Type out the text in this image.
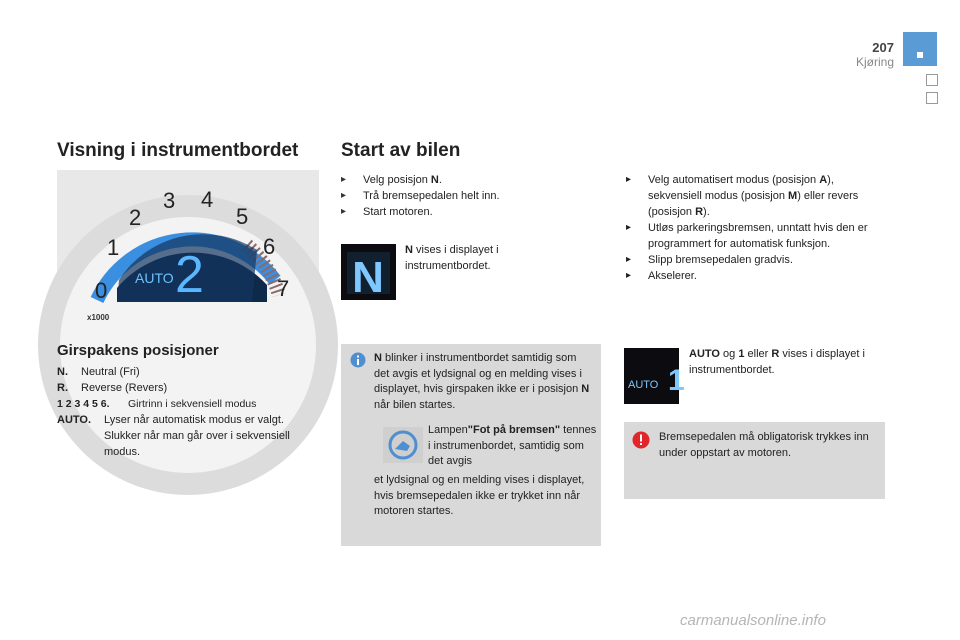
207
Kjøring
Visning i instrumentbordet
0
1
2
3 4
5
6
7
AUTO 2
x1000
Girspakens posisjoner
N. Neutral (Fri)
R. Reverse (Revers)
1 2 3 4 5 6. Girtrinn i sekvensiell modus
AUTO.	Lyser når automatisk modus er valgt. Slukker når man går over i sekvensiell modus.
Start av bilen
▸ Velg posisjon N.
▸ Trå bremsepedalen helt inn.
▸ Start motoren.
N
N vises i displayet i instrumentbordet.
N blinker i instrumentbordet samtidig som det avgis et lydsignal og en melding vises i displayet, hvis girspaken ikke er i posisjon N når bilen startes.
Lampen"Fot på bremsen" tennes i instrumenbordet, samtidig som det avgis
et lydsignal og en melding vises i displayet, hvis bremsepedalen ikke er trykket inn når motoren startes.
▸ Velg automatisert modus (posisjon A), sekvensiell modus (posisjon M) eller revers (posisjon R).
▸ Utløs parkeringsbremsen, unntatt hvis den er programmert for automatisk funksjon.
▸ Slipp bremsepedalen gradvis.
▸ Akselerer.
AUTO 1
AUTO og 1 eller R vises i displayet i instrumentbordet.
Bremsepedalen må obligatorisk trykkes inn under oppstart av motoren.
carmanualsonline.info
